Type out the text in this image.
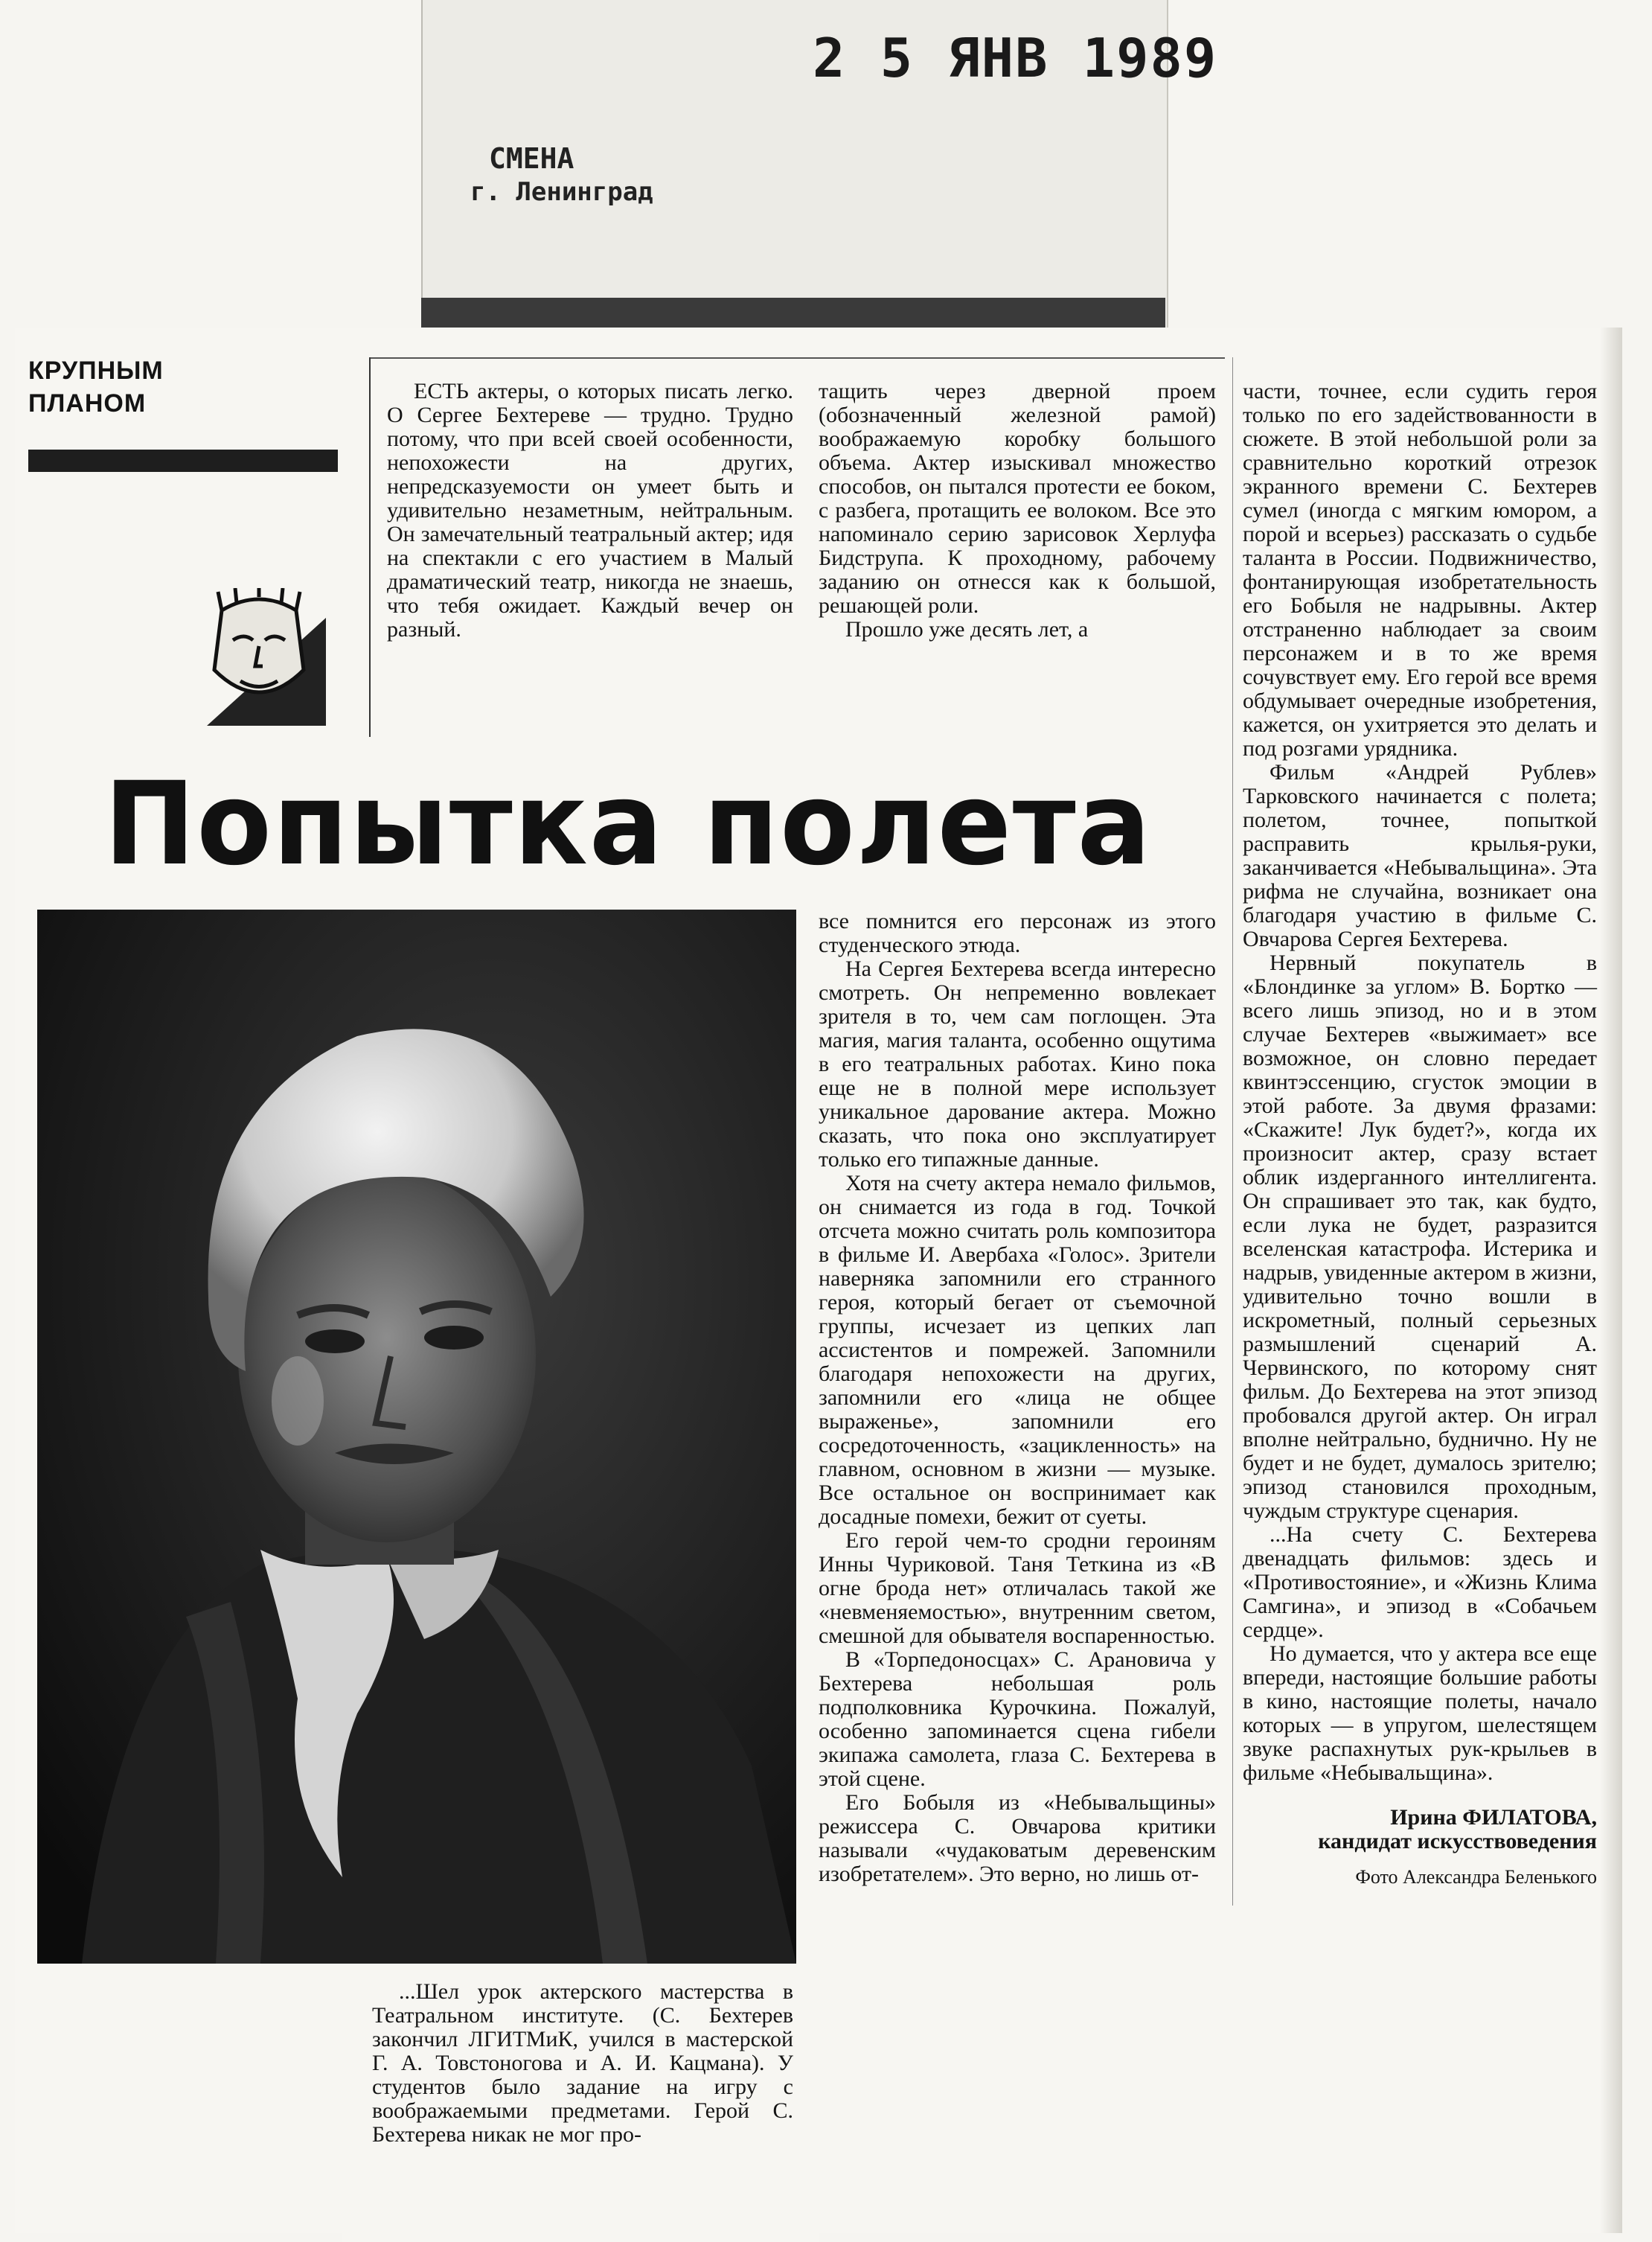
2 5 ЯНВ 1989
СМЕНА
г. Ленинград
КРУПНЫМ
ПЛАНОМ	ЕСТЬ актеры, о которых писать легко. О Сергее Бехтереве — трудно. Трудно потому, что при всей своей особенности, непохожести на других, непредсказуемости он умеет быть и удивительно незаметным, нейтральным. Он замечательный театральный актер; идя на спектакли с его участием в Малый драматический театр, никогда не знаешь, что тебя ожидает. Каждый вечер он разный.

тащить через дверной проем (обозначенный железной рамой) воображаемую коробку большого объема. Актер изыскивал множество способов, он пытался протести ее боком, с разбега, протащить ее волоком. Все это напоминало серию зарисовок Херлуфа Бидструпа. К проходному, рабочему заданию он отнесся как к большой, решающей роли.

Прошло уже десять лет, а

части, точнее, если судить героя только по его задействованности в сюжете. В этой небольшой роли за сравнительно короткий отрезок экранного времени С. Бехтерев сумел (иногда с мягким юмором, а порой и всерьез) рассказать о судьбе таланта в России. Подвижничество, фонтанирующая изобретательность его Бобыля не надрывны. Актер отстраненно наблюдает за своим персонажем и в то же время сочувствует ему. Его герой все время обдумывает очередные изобретения, кажется, он ухитряется это делать и под розгами урядника.

Фильм «Андрей Рублев» Тарковского начинается с полета; полетом, точнее, попыткой расправить крылья-руки, заканчивается «Небывальщина». Эта рифма не случайна, возникает она благодаря участию в фильме С. Овчарова Сергея Бехтерева.

Нервный покупатель в «Блондинке за углом» В. Бортко — всего лишь эпизод, но и в этом случае Бехтерев «выжимает» все возможное, он словно передает квинтэссенцию, сгусток эмоции в этой работе. За двумя фразами: «Скажите! Лук будет?», когда их произносит актер, сразу встает облик издерганного интеллигента. Он спрашивает это так, как будто, если лука не будет, разразится вселенская катастрофа. Истерика и надрыв, увиденные актером в жизни, удивительно точно вошли в искрометный, полный серьезных размышлений сценарий А. Червинского, по которому снят фильм. До Бехтерева на этот эпизод пробовался другой актер. Он играл вполне нейтрально, буднично. Ну не будет и не будет, думалось зрителю; эпизод становился проходным, чуждым структуре сценария.

...На счету С. Бехтерева двенадцать фильмов: здесь и «Противостояние», и «Жизнь Клима Самгина», и эпизод в «Собачьем сердце».

Но думается, что у актера все еще впереди, настоящие большие работы в кино, настоящие полеты, начало которых — в упругом, шелестящем звуке распахнутых рук-крыльев в фильме «Небывальщина».

Ирина ФИЛАТОВА,
кандидат искусствоведения
Фото Александра Беленького
Попытка полета

все помнится его персонаж из этого студенческого этюда.

На Сергея Бехтерева всегда интересно смотреть. Он непременно вовлекает зрителя в то, чем сам поглощен. Эта магия, магия таланта, особенно ощутима в его театральных работах. Кино пока еще не в полной мере использует уникальное дарование актера. Можно сказать, что пока оно эксплуатирует только его типажные данные.

Хотя на счету актера немало фильмов, он снимается из года в год. Точкой отсчета можно считать роль композитора в фильме И. Авербаха «Голос». Зрители наверняка запомнили его странного героя, который бегает от съемочной группы, исчезает из цепких лап ассистентов и помрежей. Запомнили благодаря непохожести на других, запомнили его «лица не общее выраженье», запомнили его сосредоточенность, «зацикленность» на главном, основном в жизни — музыке. Все остальное он воспринимает как досадные помехи, бежит от суеты.

Его герой чем-то сродни героиням Инны Чуриковой. Таня Теткина из «В огне брода нет» отличалась такой же «невменяемостью», внутренним светом, смешной для обывателя воспаренностью.

В «Торпедоносцах» С. Арановича у Бехтерева небольшая роль подполковника Курочкина. Пожалуй, особенно запоминается сцена гибели экипажа самолета, глаза С. Бехтерева в этой сцене.

Его Бобыля из «Небывальщины» режиссера С. Овчарова критики называли «чудаковатым деревенским изобретателем». Это верно, но лишь от-

...Шел урок актерского мастерства в Театральном институте. (С. Бехтерев закончил ЛГИТМиК, учился в мастерской Г. А. Товстоногова и А. И. Кацмана). У студентов было задание на игру с воображаемыми предметами. Герой С. Бехтерева никак не мог про-
